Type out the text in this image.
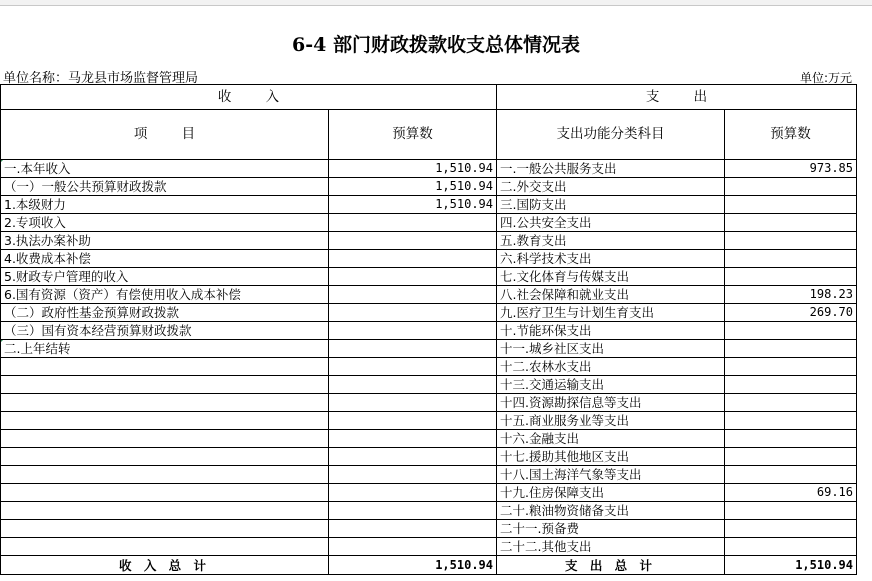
6-4 部门财政拨款收支总体情况表
单位名称：马龙县市场监督管理局	单位:万元
收        入		支        出	
项        目	预算数	支出功能分类科目	预算数
一.本年收入	1,510.94	一.一般公共服务支出	973.85
（一）一般公共预算财政拨款	1,510.94	二.外交支出	
1.本级财力	1,510.94	三.国防支出	
2.专项收入		四.公共安全支出	
3.执法办案补助		五.教育支出	
4.收费成本补偿		六.科学技术支出	
5.财政专户管理的收入		七.文化体育与传媒支出	
6.国有资源（资产）有偿使用收入成本补偿		八.社会保障和就业支出	198.23
（二）政府性基金预算财政拨款		九.医疗卫生与计划生育支出	269.70
（三）国有资本经营预算财政拨款		十.节能环保支出	
二.上年结转		十一.城乡社区支出	
		十二.农林水支出	
		十三.交通运输支出	
		十四.资源勘探信息等支出	
		十五.商业服务业等支出	
		十六.金融支出	
		十七.援助其他地区支出	
		十八.国土海洋气象等支出	
		十九.住房保障支出	69.16
		二十.粮油物资储备支出	
		二十一.预备费	
		二十二.其他支出	
收 入 总 计	1,510.94	支 出 总 计	1,510.94
